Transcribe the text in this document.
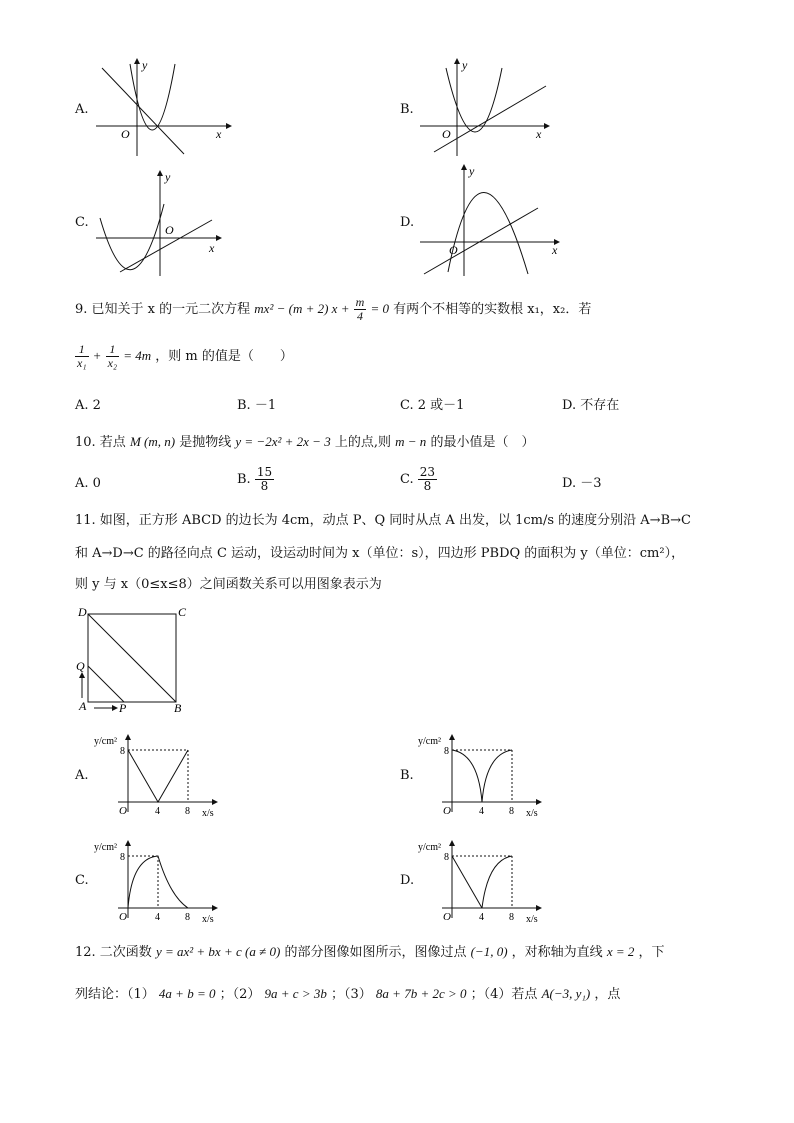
A.
y
x
O
B.
y
x
O
C.
y
x
O	D.
y
x
O
9. 已知关于 x 的一元二次方程 mx² − (m + 2) $x + \frac{m}{4} = 0$ 有两个不相等的实数根 x₁，x₂．若
$\frac{1}{\text{x₁}} + \frac{1}{\text{x₂}} = 4m$ ，则 m 的值是（　　）
A. 2	B. －1	C. 2 或－1	D. 不存在
10. 若点 M (m, n) 是抛物线 y = −2x² + 2x − 3 上的点,则 m − n 的最小值是（　）
A. 0	B. $\frac{15}{8}$	C. $\frac{23}{8}$	D. －3
11. 如图，正方形 ABCD 的边长为 4cm，动点 P、Q 同时从点 A 出发，以 1cm/s 的速度分别沿 A→B→C
和 A→D→C 的路径向点 C 运动，设运动时间为 x（单位：s），四边形 PBDQ 的面积为 y（单位：cm²），
则 y 与 x（0≤x≤8）之间函数关系可以用图象表示为
D	C
Q
A	P	B
A.
y/cm²
8
O	4	8 x/s
B.
y/cm²
8
O	4	8 x/s
C.
y/cm²
8
O	4	8 x/s
D.
y/cm²
8
O	4	8 x/s
12. 二次函数 y = ax² + bx + c (a ≠ 0) 的部分图像如图所示，图像过点 (−1, 0) ，对称轴为直线 x = 2 ，下
列结论：（1） 4a + b = 0 ；（2） 9a + c > 3b ；（3） 8a + 7b + 2c > 0 ；（4）若点 A(−3, y₁) ，点
